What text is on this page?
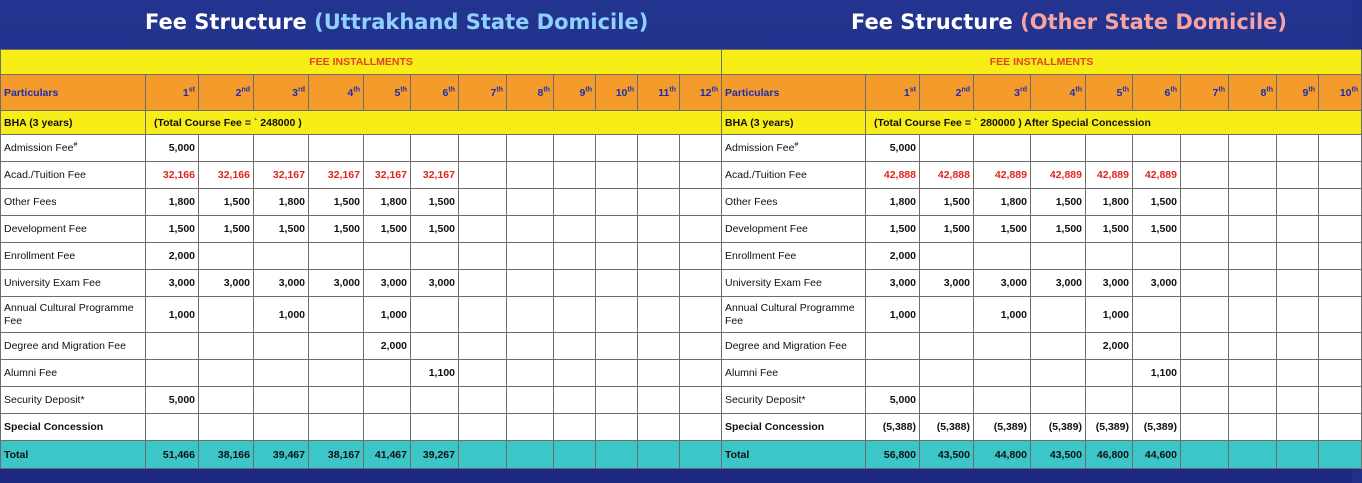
Fee Structure (Uttrakhand State Domicile)	Fee Structure (Other State Domicile)
FEE INSTALLMENTS												
Particulars	1st	2nd	3rd	4th	5th	6th	7th	8th	9th	10th	11th	12th
BHA (3 years)	(Total Course Fee = ` 248000 )											
Admission Fee#	5,000											
Acad./Tuition Fee	32,166	32,166	32,167	32,167	32,167	32,167						
Other Fees	1,800	1,500	1,800	1,500	1,800	1,500						
Development Fee	1,500	1,500	1,500	1,500	1,500	1,500						
Enrollment Fee	2,000											
University Exam Fee	3,000	3,000	3,000	3,000	3,000	3,000						
Annual Cultural Programme Fee	1,000		1,000		1,000							
Degree and Migration Fee					2,000							
Alumni Fee						1,100						
Security Deposit*	5,000											
Special Concession												
Total	51,466	38,166	39,467	38,167	41,467	39,267						
FEE INSTALLMENTS										
Particulars	1st	2nd	3rd	4th	5th	6th	7th	8th	9th	10th
BHA (3 years)	(Total Course Fee = ` 280000 ) After Special Concession									
Admission Fee#	5,000									
Acad./Tuition Fee	42,888	42,888	42,889	42,889	42,889	42,889				
Other Fees	1,800	1,500	1,800	1,500	1,800	1,500				
Development Fee	1,500	1,500	1,500	1,500	1,500	1,500				
Enrollment Fee	2,000									
University Exam Fee	3,000	3,000	3,000	3,000	3,000	3,000				
Annual Cultural Programme Fee	1,000		1,000		1,000					
Degree and Migration Fee					2,000					
Alumni Fee						1,100				
Security Deposit*	5,000									
Special Concession	(5,388)	(5,388)	(5,389)	(5,389)	(5,389)	(5,389)				
Total	56,800	43,500	44,800	43,500	46,800	44,600				
